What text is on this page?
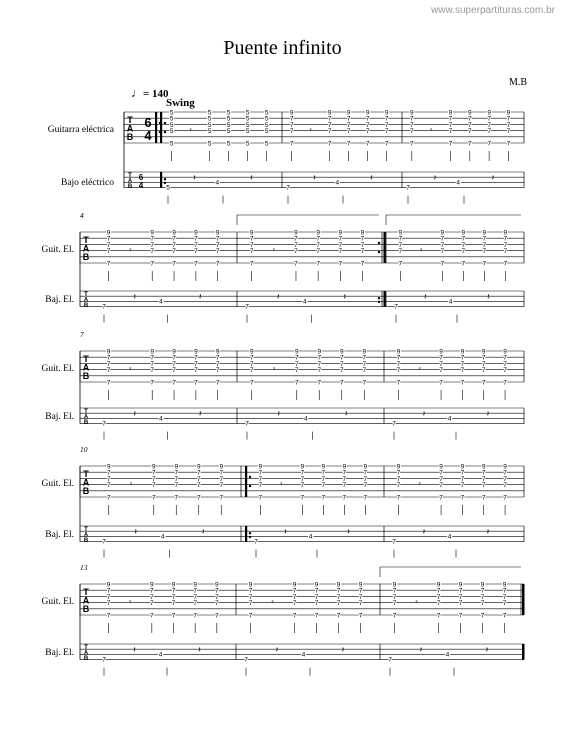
www.superpartituras.com.br
Puente infinito
M.B
♩= 140
Swing
Guitarra eléctrica
Bajo eléctrico
T
A
B
T
A
B
6
4
6
4
5
5
5
5
5
𝄾
5
5
5
5
5
5
5
5
5
5
5
5
5
5
5
5
5
5
5
5
5
4
𝄽	𝄽
9
7
7
7
7
𝄾
9
7
7
7
7
9
7
7
7
7
9
7
7
7
7
9
7
7
7
7
7
4
𝄽	𝄽
9
7
7
7
7
𝄾
9
7
7
7
7
9
7
7
7
7
9
7
7
7
7
9
7
7
7
7
7
4
𝄽	𝄽
T
A
B
T
A
B
Guit. El.
Baj. El.
4
9
7
7
7
7
𝄾
9
7
7
7
7
9
7
7
7
7
9
7
7
7
7
9
7
7
7
7
7
4
𝄽	𝄽
9
7
7
7
7
𝄾
9
7
7
7
7
9
7
7
7
7
9
7
7
7
7
9
7
7
7
7
7
4
𝄽	𝄽
9
7
7
7
7
𝄾
9
7
7
7
7
9
7
7
7
7
9
7
7
7
7
9
7
7
7
7
7
4
𝄽	𝄽
T
A
B
T
A
B
Guit. El.
Baj. El.
7
9
7
7
7
7
𝄾
9
7
7
7
7
9
7
7
7
7
9
7
7
7
7
9
7
7
7
7
7
4
𝄽	𝄽
9
7
7
7
7
𝄾
9
7
7
7
7
9
7
7
7
7
9
7
7
7
7
9
7
7
7
7
7
4
𝄽	𝄽
9
7
7
7
7
𝄾
9
7
7
7
7
9
7
7
7
7
9
7
7
7
7
9
7
7
7
7
7
4
𝄽	𝄽
T
A
B
T
A
B
Guit. El.
Baj. El.
10
9
7
7
7
7
𝄾
9
7
7
7
7
9
7
7
7
7
9
7
7
7
7
9
7
7
7
7
7
4
𝄽	𝄽
9
7
7
7
7
𝄾
9
7
7
7
7
9
7
7
7
7
9
7
7
7
7
9
7
7
7
7
7
4
𝄽	𝄽
9
7
7
7
7
𝄾
9
7
7
7
7
9
7
7
7
7
9
7
7
7
7
9
7
7
7
7
7
4
𝄽	𝄽
T
A
B
T
A
B
Guit. El.
Baj. El.
13
9
7
7
7
7
𝄾
9
7
7
7
7
9
7
7
7
7
9
7
7
7
7
9
7
7
7
7
7
4
𝄽	𝄽
9
7
7
7
7
𝄾
9
7
7
7
7
9
7
7
7
7
9
7
7
7
7
9
7
7
7
7
7
4
𝄽	𝄽
9
7
7
7
7
𝄾
9
7
7
7
7
9
7
7
7
7
9
7
7
7
7
9
7
7
7
7
7
4
𝄽	𝄽
